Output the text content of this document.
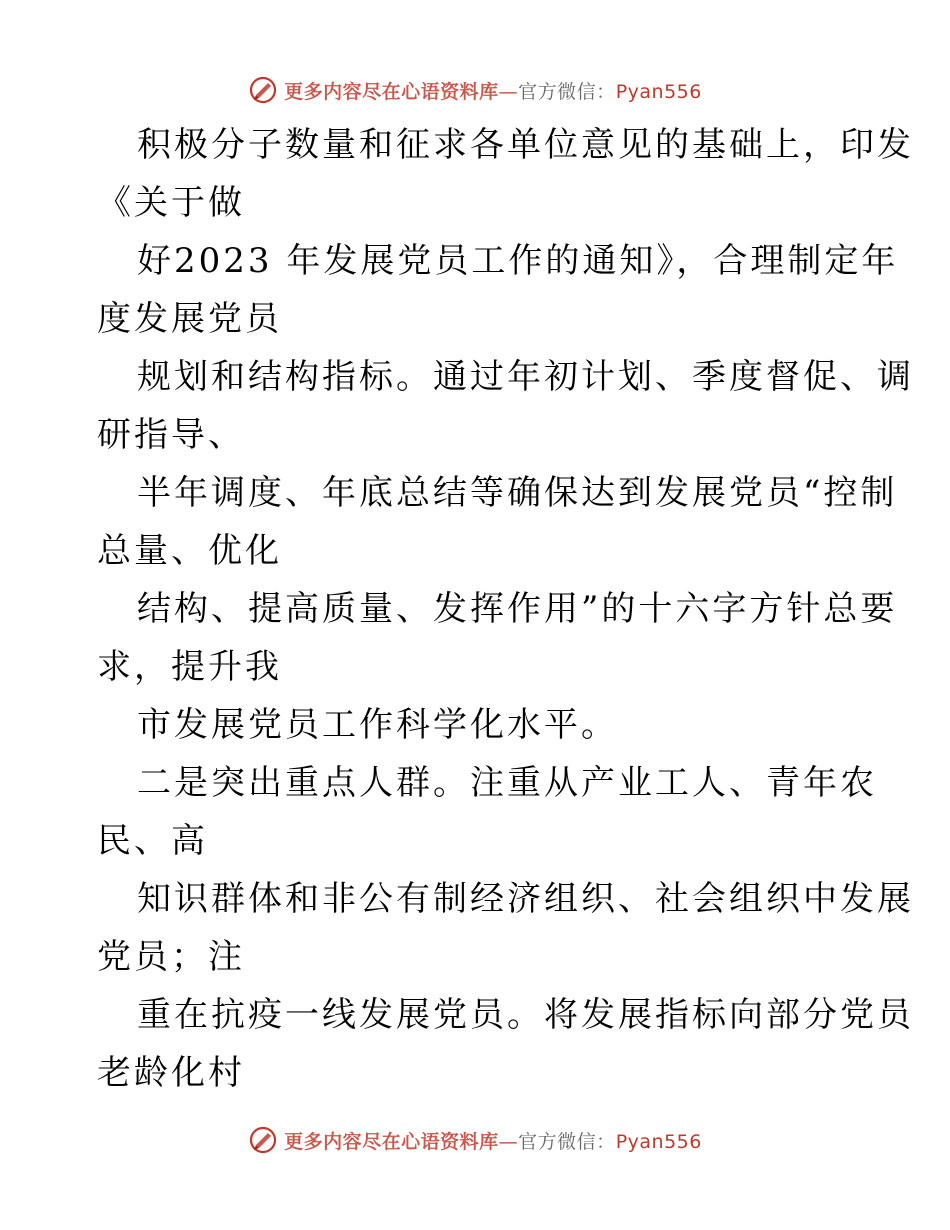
更多内容尽在心语资料库—官方微信：Pyan556
积极分子数量和征求各单位意见的基础上，印发
《关于做
好2023 年发展党员工作的通知》，合理制定年
度发展党员
规划和结构指标。通过年初计划、季度督促、调
研指导、
半年调度、年底总结等确保达到发展党员“控制
总量、优化
结构、提高质量、发挥作用”的十六字方针总要
求，提升我
市发展党员工作科学化水平。
二是突出重点人群。注重从产业工人、青年农
民、高
知识群体和非公有制经济组织、社会组织中发展
党员；注
重在抗疫一线发展党员。将发展指标向部分党员
老龄化村
更多内容尽在心语资料库—官方微信：Pyan556
